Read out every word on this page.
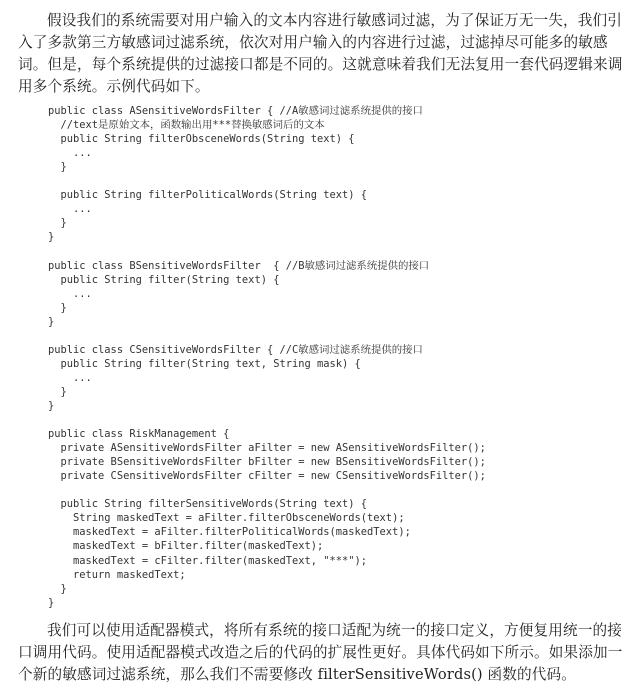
假设我们的系统需要对用户输入的文本内容进行敏感词过滤，为了保证万无一失，我们引
入了多款第三方敏感词过滤系统，依次对用户输入的内容进行过滤，过滤掉尽可能多的敏感
词。但是，每个系统提供的过滤接口都是不同的。这就意味着我们无法复用一套代码逻辑来调
用多个系统。示例代码如下。

public class ASensitiveWordsFilter { //A敏感词过滤系统提供的接口
//text是原始文本，函数输出用***替换敏感词后的文本
public String filterObsceneWords(String text) {
...
}
public String filterPoliticalWords(String text) {
...
}
}
public class BSensitiveWordsFilter  { //B敏感词过滤系统提供的接口
public String filter(String text) {
...
}
}
public class CSensitiveWordsFilter { //C敏感词过滤系统提供的接口
public String filter(String text, String mask) {
...
}
}
public class RiskManagement {
private ASensitiveWordsFilter aFilter = new ASensitiveWordsFilter();
private BSensitiveWordsFilter bFilter = new BSensitiveWordsFilter();
private CSensitiveWordsFilter cFilter = new CSensitiveWordsFilter();
public String filterSensitiveWords(String text) {
String maskedText = aFilter.filterObsceneWords(text);
maskedText = aFilter.filterPoliticalWords(maskedText);
maskedText = bFilter.filter(maskedText);
maskedText = cFilter.filter(maskedText, "***");
return maskedText;
}
}

我们可以使用适配器模式，将所有系统的接口适配为统一的接口定义，方便复用统一的接
口调用代码。使用适配器模式改造之后的代码的扩展性更好。具体代码如下所示。如果添加一
个新的敏感词过滤系统，那么我们不需要修改 filterSensitiveWords() 函数的代码。
